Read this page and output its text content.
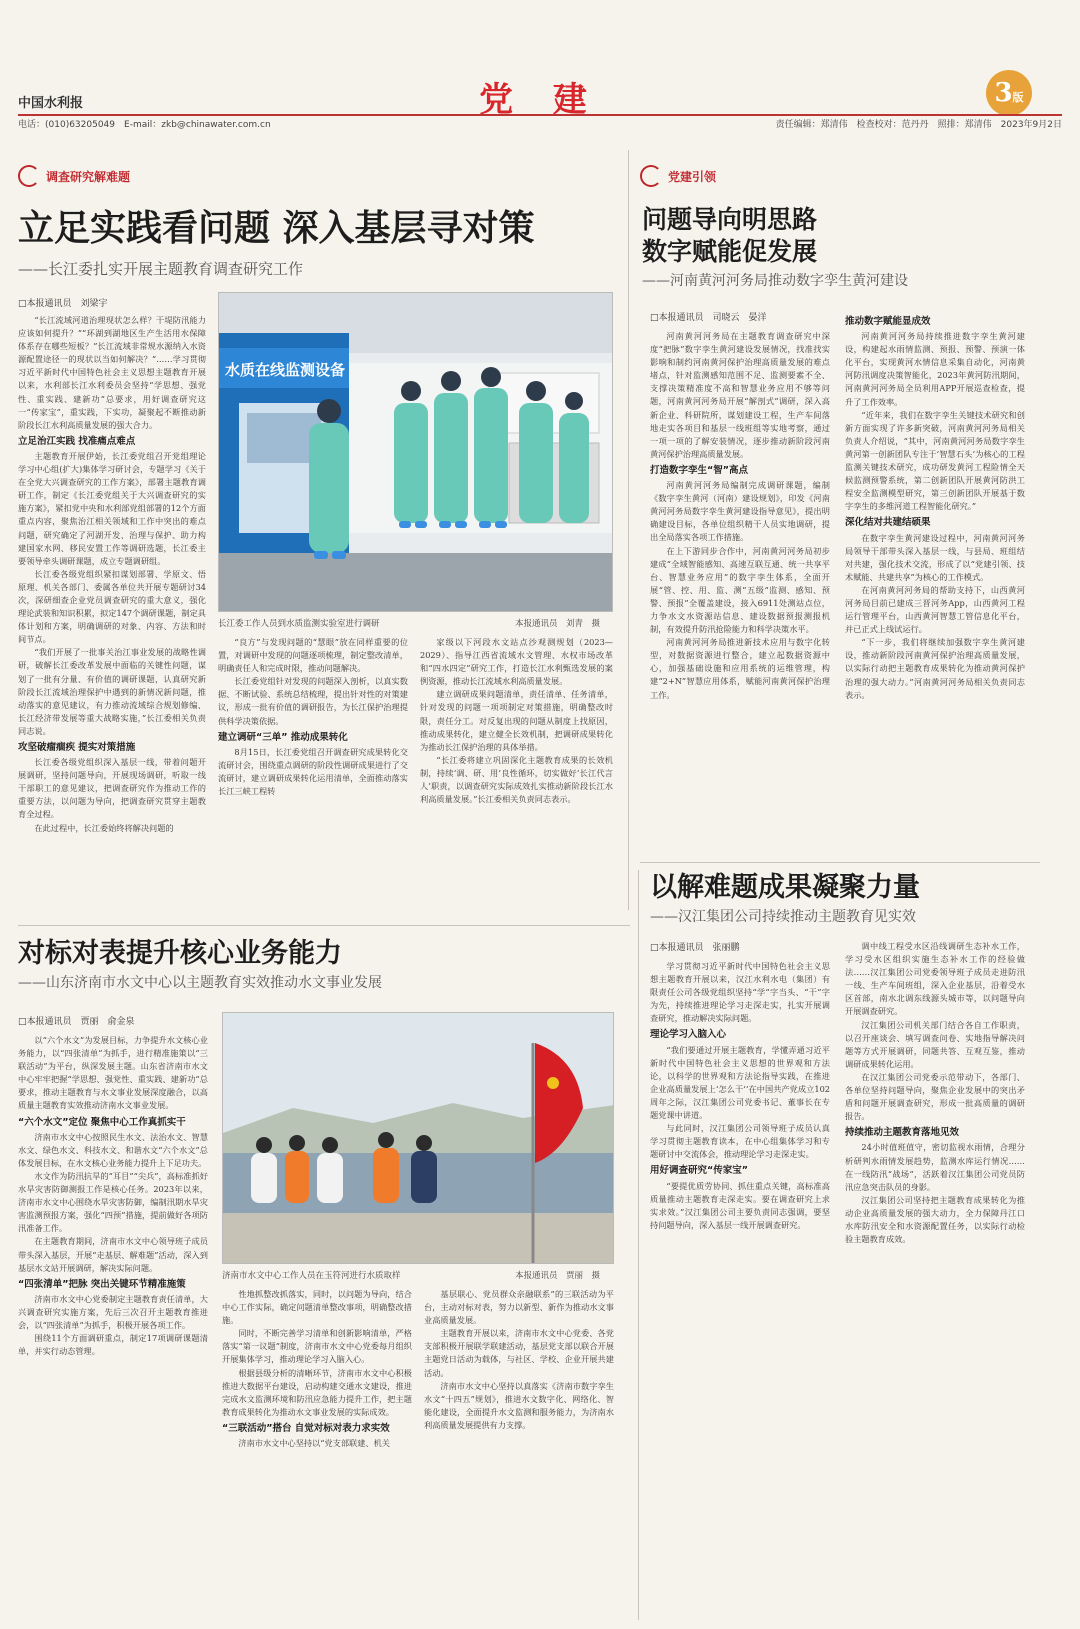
中国水利报	党 建	3版
电话：(010)63205049　E-mail：zkb@chinawater.com.cn	责任编辑：郑清伟　检查校对：范丹丹　照排：郑清伟　2023年9月2日
调查研究解难题
立足实践看问题 深入基层寻对策
——长江委扎实开展主题教育调查研究工作
□本报通讯员　刘梁宇

“长江流域河道治理现状怎么样？干堤防汛能力应该如何提升？”“环湖到湖地区生产生活用水保障体系存在哪些短板？”长江流域非常规水源纳入水资源配置途径一的现状以当如何解决？”……学习贯彻习近平新时代中国特色社会主义思想主题教育开展以来，水利部长江水利委员会坚持“学思想、强党性、重实践、建新功”总要求，用好调查研究这一“传家宝”，重实践，下实功，凝聚起不断推动新阶段长江水利高质量发展的强大合力。

立足治江实践 找准痛点难点

主题教育开展伊始，长江委党组召开党组理论学习中心组(扩大)集体学习研讨会，专题学习《关于在全党大兴调查研究的工作方案》，部署主题教育调研工作，制定《长江委党组关于大兴调查研究的实施方案》，紧扣党中央和水利部党组部署的12个方面重点内容，聚焦治江相关领域和工作中突出的难点问题，研究确定了河湖开发、治理与保护、助力构建国家水网、移民安置工作等调研选题，长江委主要领导牵头调研课题，成立专题调研组。

长江委各级党组织紧扣谋划部署、学原文、悟原理、机关各部门、委属各单位共开展专题研讨34次，深研细查企业党员调查研究的重大意义，强化理论武装和知识积累，拟定147个调研课题，制定具体计划和方案，明确调研的对象、内容、方法和时间节点。

“我们开展了一批事关治江事业发展的战略性调研，破解长江委改革发展中面临的关键性问题，谋划了一批有分量、有价值的调研课题，认真研究新阶段长江流域治理保护中遇到的新情况新问题，推动落实的意见建议，有力推动流域综合规划修编、长江经济带发展等重大战略实施，”长江委相关负责同志说。

攻坚破瘤痼疾 提实对策措施

长江委各级党组织深入基层一线，带着问题开展调研，坚持问题导向，开展现场调研，听取一线干部职工的意见建议，把调查研究作为推动工作的重要方法，以问题为导向，把调查研究贯穿主题教育全过程。

在此过程中，长江委始终将解决问题的

水质在线监测设备
长江委工作人员到水质监测实验室进行调研	本报通讯员　刘青　摄

“良方”与发现问题的“慧眼”放在同样重要的位置，对调研中发现的问题逐项梳理，制定整改清单，明确责任人和完成时限，推动问题解决。

长江委党组针对发现的问题深入剖析，以真实数据、不断试验、系统总结梳理，提出针对性的对策建议，形成一批有价值的调研报告，为长江保护治理提供科学决策依据。

建立调研“三单” 推动成果转化

8月15日，长江委党组召开调查研究成果转化交流研讨会，围绕重点调研的阶段性调研成果进行了交流研讨，建立调研成果转化运用清单，全面推动落实长江三峡工程转

家级以下河段水文站点沙观测规划（2023—2029）、指导江西省流域水文管理、水权市场改革和“四水四定”研究工作，打造长江水利甄选发展的案例资源，推动长江流域水利高质量发展。

建立调研成果问题清单，责任清单、任务清单，针对发现的问题一项项制定对策措施，明确整改时限，责任分工。对反复出现的问题从制度上找原因，推动成果转化，建立健全长效机制，把调研成果转化为推动长江保护治理的具体举措。

“长江委将建立巩固深化主题教育成果的长效机制，持续‘调、研、用’良性循环，切实做好‘长江代言人’职责，以调查研究实际成效扎实推动新阶段长江水利高质量发展。”长江委相关负责同志表示。

党建引领
问题导向明思路
数字赋能促发展
——河南黄河河务局推动数字孪生黄河建设
□本报通讯员　司晓云　晏洋

河南黄河河务局在主题教育调查研究中深度“把脉”数字孪生黄河建设发展情况，找准找实影响和制约河南黄河保护治理高质量发展的难点堵点，针对监测感知范围不足、监测要素不全、支撑决策精准度不高和智慧业务应用不够等问题，河南黄河河务局开展“解剖式”调研，深入高新企业、科研院所，谋划建设工程，生产车间落地走实各项目和基层一线班组等实地考察，通过一项一项的了解安装情况，逐步推动新阶段河南黄河保护治理高质量发展。

打造数字孪生“智”高点

河南黄河河务局编制完成调研课题，编制《数字孪生黄河（河南）建设规划》，印发《河南黄河河务局数字孪生黄河建设指导意见》，提出明确建设目标，各单位组织精干人员实地调研，提出全局落实各项工作措施。

在上下游同步合作中，河南黄河河务局初步建成“全域智能感知、高速互联互通、统一共享平台、智慧业务应用”的数字孪生体系，全面开展“管、控、用、监、测”五级“监测、感知、预警、预报”全覆盖建设，接入6911处测站点位，力争水文水资源站信息、建设数据预报测报机制，有效提升防汛抢险能力和科学决策水平。

河南黄河河务局推进新技术应用与数字化转型，对数据资源进行整合，建立起数据资源中心，加强基础设施和应用系统的运维管理，构建“2+N”智慧应用体系，赋能河南黄河保护治理工作。

推动数字赋能显成效

河南黄河河务局持续推进数字孪生黄河建设，构建起水雨情监测、预报、预警、预演一体化平台，实现黄河水情信息采集自动化，河南黄河防汛调度决策智能化，2023年黄河防汛期间，河南黄河河务局全员利用APP开展巡查检查，提升了工作效率。

“近年来，我们在数字孪生关键技术研究和创新方面实现了许多新突破，河南黄河河务局相关负责人介绍说，“其中，河南黄河河务局数字孪生黄河第一创新团队专注于‘智慧石头’为核心的工程监测关键技术研究，成功研发黄河工程险情全天候监测预警系统，第二创新团队开展黄河防洪工程安全监测模型研究，第三创新团队开展基于数字孪生的多维河道工程智能化研究。”

深化结对共建结硕果

在数字孪生黄河建设过程中，河南黄河河务局领导干部带头深入基层一线，与县局、班组结对共建，强化技术交流，形成了以“党建引领、技术赋能、共建共享”为核心的工作模式。

在河南黄河河务局的帮助支持下，山西黄河河务局目前已建成三晋河务App，山西黄河工程运行管理平台，山西黄河智慧工管信息化平台，并已正式上线试运行。

“下一步，我们将继续加强数字孪生黄河建设，推动新阶段河南黄河保护治理高质量发展，以实际行动把主题教育成果转化为推动黄河保护治理的强大动力。”河南黄河河务局相关负责同志表示。

以解难题成果凝聚力量
——汉江集团公司持续推动主题教育见实效
□本报通讯员　张丽鹏

学习贯彻习近平新时代中国特色社会主义思想主题教育开展以来，汉江水利水电（集团）有限责任公司各级党组织坚持“学”字当头、“干”字为先，持续推进理论学习走深走实，扎实开展调查研究，推动解决实际问题。

理论学习入脑入心

“我们要通过开展主题教育，学懂弄通习近平新时代中国特色社会主义思想的世界观和方法论，以科学的世界观和方法论指导实践，在推进企业高质量发展上‘怎么干’‘在中国共产党成立102周年之际，汉江集团公司党委书记、董事长在专题党课中讲道。

与此同时，汉江集团公司领导班子成员认真学习贯彻主题教育读本，在中心组集体学习和专题研讨中交流体会，推动理论学习走深走实。

用好调查研究“传家宝”

“要提优质劳协同、抓住重点关键，高标准高质量推动主题教育走深走实。要在调查研究上求实求效。”汉江集团公司主要负责同志强调，要坚持问题导向，深入基层一线开展调查研究。

调中线工程受水区沿线调研生态补水工作，学习受水区组织实施生态补水工作的经验做法……汉江集团公司党委领导班子成员走进防汛一线、生产车间班组，深入企业基层，沿着受水区首部，南水北调东线源头城市等，以问题导向开展调查研究。

汉江集团公司机关部门结合各自工作职责，以召开座谈会、填写调查问卷、实地指导解决问题等方式开展调研，同题共答、互观互鉴，推动调研成果转化运用。

在汉江集团公司党委示范带动下，各部门、各单位坚持问题导向，聚焦企业发展中的突出矛盾和问题开展调查研究，形成一批高质量的调研报告。

持续推动主题教育落地见效

24小时值班值守，密切监视水雨情，合理分析研判水雨情发展趋势，监测水库运行情况……在一线防汛“战场”，活跃着汉江集团公司党员防汛应急突击队员的身影。

汉江集团公司坚持把主题教育成果转化为推动企业高质量发展的强大动力，全力保障丹江口水库防汛安全和水资源配置任务，以实际行动检验主题教育成效。

对标对表提升核心业务能力
——山东济南市水文中心以主题教育实效推动水文事业发展
□本报通讯员　贾丽　俞金泉

以“六个水文”为发展目标，力争提升水文核心业务能力，以“四张清单”为抓手，进行精准施策以“三联活动”为平台，纵深发展主题。山东省济南市水文中心牢牢把握“学思想、强党性、重实践、建新功”总要求，推动主题教育与水文事业发展深度融合，以高质量主题教育实效推动济南水文事业发展。

“六个水文”定位 聚焦中心工作真抓实干

济南市水文中心按照民生水文、法治水文、智慧水文、绿色水文、科技水文、和谐水文“六个水文”总体发展目标，在水文核心业务能力提升上下足功夫。

水文作为防汛抗旱的“耳目”“尖兵”，高标准抓好水旱灾害防御测报工作是核心任务。2023年以来，济南市水文中心围绕水旱灾害防御，编制汛期水旱灾害监测预报方案，强化“四预”措施，提前做好各项防汛准备工作。

在主题教育期间，济南市水文中心领导班子成员带头深入基层，开展“走基层、解难题”活动，深入到基层水文站开展调研，解决实际问题。

“四张清单”把脉 突出关键环节精准施策

济南市水文中心党委制定主题教育责任清单，大兴调查研究实施方案，先后三次召开主题教育推进会，以“四张清单”为抓手，积极开展各项工作。

围绕11个方面调研重点，制定17项调研课题清单，并实行动态管理。

济南市水文中心工作人员在玉符河进行水质取样	本报通讯员　贾丽　摄

性地抓整改抓落实，同时，以问题为导向，结合中心工作实际，确定问题清单整改事项，明确整改措施。

同时，不断完善学习清单和创新影响清单，严格落实“第一议题”制度，济南市水文中心党委每月组织开展集体学习，推动理论学习入脑入心。

根据县级分析的清晰环节，济南市水文中心积极推进大数据平台建设，启动构建交通水文建设，推进完成水文监测环境和防汛应急能力提升工作，把主题教育成果转化为推动水文事业发展的实际成效。

“三联活动”搭台 自觉对标对表力求实效

济南市水文中心坚持以“党支部联建、机关

基层联心、党员群众亲融联系”的三联活动为平台，主动对标对表，努力以新型、新作为推动水文事业高质量发展。

主题教育开展以来，济南市水文中心党委、各党支部积极开展联学联建活动，基层党支部以联合开展主题党日活动为载体，与社区、学校、企业开展共建活动。

济南市水文中心坚持以真落实《济南市数字孪生水文“十四五”规划》，推进水文数字化、网络化、智能化建设，全面提升水文监测和服务能力，为济南水利高质量发展提供有力支撑。
